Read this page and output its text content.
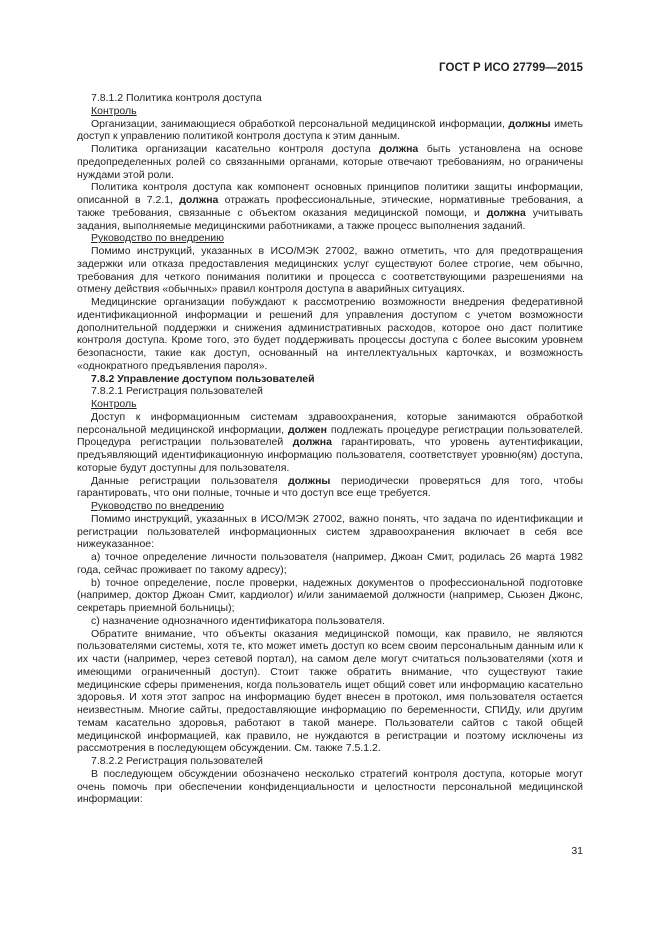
ГОСТ Р ИСО 27799—2015

7.8.1.2 Политика контроля доступа

Контроль

Организации, занимающиеся обработкой персональной медицинской информации, должны иметь доступ к управлению политикой контроля доступа к этим данным.

Политика организации касательно контроля доступа должна быть установлена на основе предопределенных ролей со связанными органами, которые отвечают требованиям, но ограничены нуждами этой роли.

Политика контроля доступа как компонент основных принципов политики защиты информации, описанной в 7.2.1, должна отражать профессиональные, этические, нормативные требования, а также требования, связанные с объектом оказания медицинской помощи, и должна учитывать задания, выполняемые медицинскими работниками, а также процесс выполнения заданий.

Руководство по внедрению

Помимо инструкций, указанных в ИСО/МЭК 27002, важно отметить, что для предотвращения задержки или отказа предоставления медицинских услуг существуют более строгие, чем обычно, требования для четкого понимания политики и процесса с соответствующими разрешениями на отмену действия «обычных» правил контроля доступа в аварийных ситуациях.

Медицинские организации побуждают к рассмотрению возможности внедрения федеративной идентификационной информации и решений для управления доступом с учетом возможности дополнительной поддержки и снижения административных расходов, которое оно даст политике контроля доступа. Кроме того, это будет поддерживать процессы доступа с более высоким уровнем безопасности, такие как доступ, основанный на интеллектуальных карточках, и возможность «однократного предъявления пароля».

7.8.2 Управление доступом пользователей

7.8.2.1 Регистрация пользователей

Контроль

Доступ к информационным системам здравоохранения, которые занимаются обработкой персональной медицинской информации, должен подлежать процедуре регистрации пользователей. Процедура регистрации пользователей должна гарантировать, что уровень аутентификации, предъявляющий идентификационную информацию пользователя, соответствует уровню(ям) доступа, которые будут доступны для пользователя.

Данные регистрации пользователя должны периодически проверяться для того, чтобы гарантировать, что они полные, точные и что доступ все еще требуется.

Руководство по внедрению

Помимо инструкций, указанных в ИСО/МЭК 27002, важно понять, что задача по идентификации и регистрации пользователей информационных систем здравоохранения включает в себя все нижеуказанное:

а) точное определение личности пользователя (например, Джоан Смит, родилась 26 марта 1982 года, сейчас проживает по такому адресу);

b) точное определение, после проверки, надежных документов о профессиональной подготовке (например, доктор Джоан Смит, кардиолог) и/или занимаемой должности (например, Сьюзен Джонс, секретарь приемной больницы);

с) назначение однозначного идентификатора пользователя.

Обратите внимание, что объекты оказания медицинской помощи, как правило, не являются пользователями системы, хотя те, кто может иметь доступ ко всем своим персональным данным или к их части (например, через сетевой портал), на самом деле могут считаться пользователями (хотя и имеющими ограниченный доступ). Стоит также обратить внимание, что существуют такие медицинские сферы применения, когда пользователь ищет общий совет или информацию касательно здоровья. И хотя этот запрос на информацию будет внесен в протокол, имя пользователя остается неизвестным. Многие сайты, предоставляющие информацию по беременности, СПИДу, или другим темам касательно здоровья, работают в такой манере. Пользователи сайтов с такой общей медицинской информацией, как правило, не нуждаются в регистрации и поэтому исключены из рассмотрения в последующем обсуждении. См. также 7.5.1.2.

7.8.2.2 Регистрация пользователей

В последующем обсуждении обозначено несколько стратегий контроля доступа, которые могут очень помочь при обеспечении конфиденциальности и целостности персональной медицинской информации:

31
